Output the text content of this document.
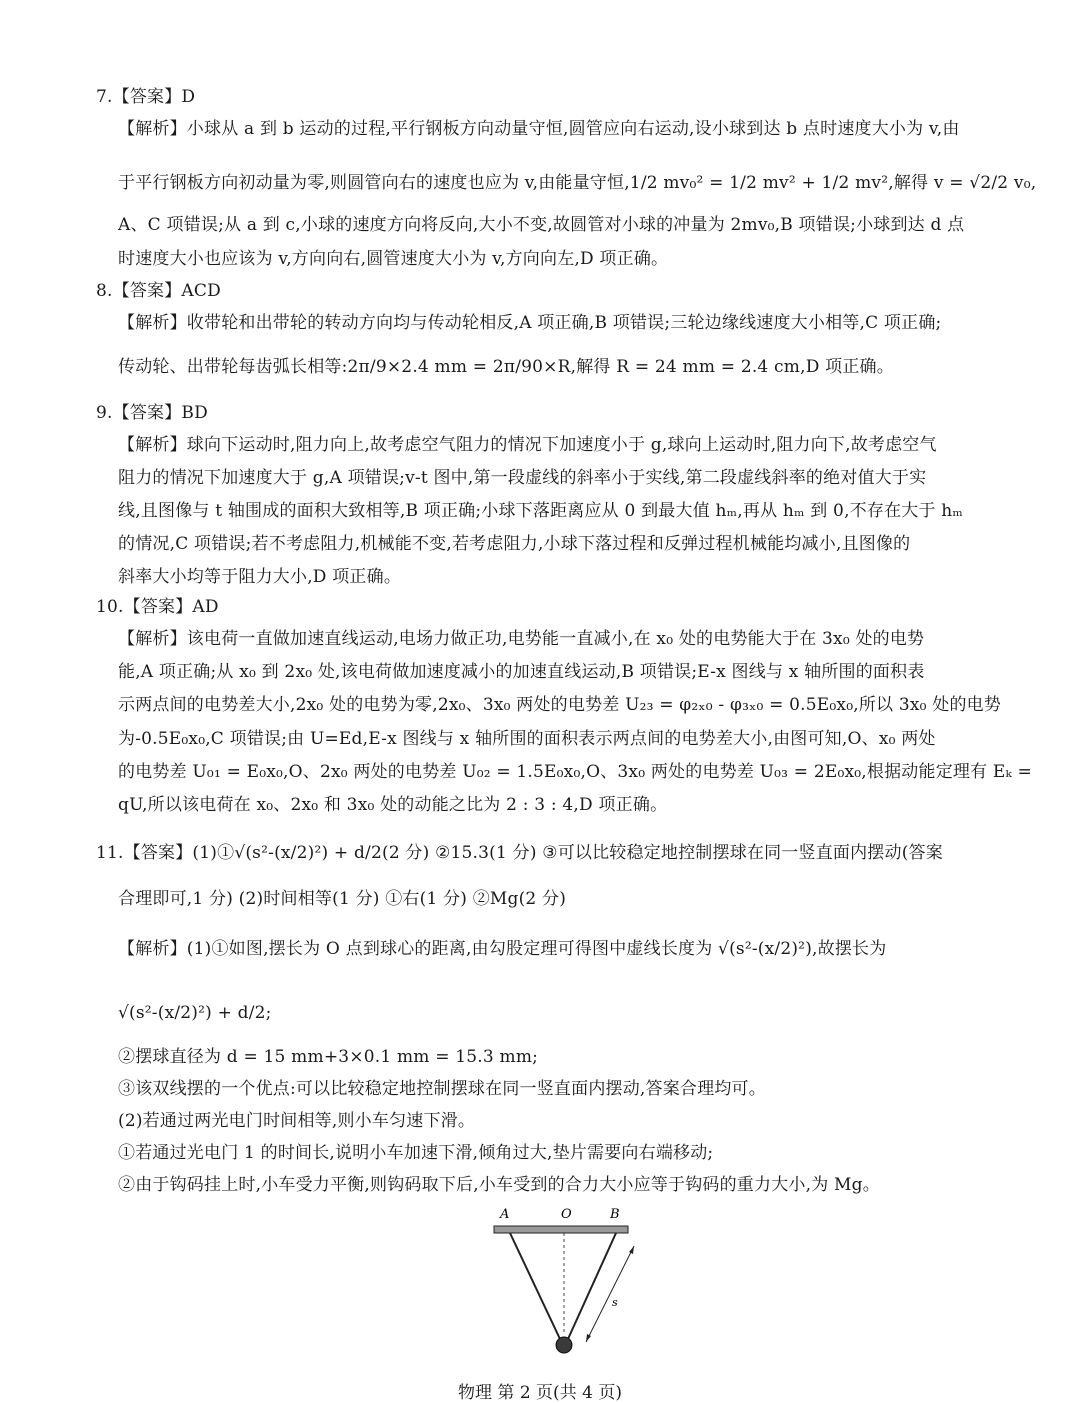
7.【答案】D
【解析】小球从 a 到 b 运动的过程,平行钢板方向动量守恒,圆管应向右运动,设小球到达 b 点时速度大小为 v,由
于平行钢板方向初动量为零,则圆管向右的速度也应为 v,由能量守恒,1/2 mv₀² = 1/2 mv² + 1/2 mv²,解得 v = √2/2 v₀,
A、C 项错误;从 a 到 c,小球的速度方向将反向,大小不变,故圆管对小球的冲量为 2mv₀,B 项错误;小球到达 d 点
时速度大小也应该为 v,方向向右,圆管速度大小为 v,方向向左,D 项正确。
8.【答案】ACD
【解析】收带轮和出带轮的转动方向均与传动轮相反,A 项正确,B 项错误;三轮边缘线速度大小相等,C 项正确;
传动轮、出带轮每齿弧长相等:2π/9×2.4 mm = 2π/90×R,解得 R = 24 mm = 2.4 cm,D 项正确。
9.【答案】BD
【解析】球向下运动时,阻力向上,故考虑空气阻力的情况下加速度小于 g,球向上运动时,阻力向下,故考虑空气
阻力的情况下加速度大于 g,A 项错误;v-t 图中,第一段虚线的斜率小于实线,第二段虚线斜率的绝对值大于实
线,且图像与 t 轴围成的面积大致相等,B 项正确;小球下落距离应从 0 到最大值 hₘ,再从 hₘ 到 0,不存在大于 hₘ
的情况,C 项错误;若不考虑阻力,机械能不变,若考虑阻力,小球下落过程和反弹过程机械能均减小,且图像的
斜率大小均等于阻力大小,D 项正确。
10.【答案】AD
【解析】该电荷一直做加速直线运动,电场力做正功,电势能一直减小,在 x₀ 处的电势能大于在 3x₀ 处的电势
能,A 项正确;从 x₀ 到 2x₀ 处,该电荷做加速度减小的加速直线运动,B 项错误;E-x 图线与 x 轴所围的面积表
示两点间的电势差大小,2x₀ 处的电势为零,2x₀、3x₀ 两处的电势差 U₂₃ = φ₂ₓ₀ - φ₃ₓ₀ = 0.5E₀x₀,所以 3x₀ 处的电势
为-0.5E₀x₀,C 项错误;由 U=Ed,E-x 图线与 x 轴所围的面积表示两点间的电势差大小,由图可知,O、x₀ 两处
的电势差 U₀₁ = E₀x₀,O、2x₀ 两处的电势差 U₀₂ = 1.5E₀x₀,O、3x₀ 两处的电势差 U₀₃ = 2E₀x₀,根据动能定理有 Eₖ =
qU,所以该电荷在 x₀、2x₀ 和 3x₀ 处的动能之比为 2 : 3 : 4,D 项正确。
11.【答案】(1)①√(s²-(x/2)²) + d/2(2 分) ②15.3(1 分) ③可以比较稳定地控制摆球在同一竖直面内摆动(答案
合理即可,1 分) (2)时间相等(1 分) ①右(1 分) ②Mg(2 分)
【解析】(1)①如图,摆长为 O 点到球心的距离,由勾股定理可得图中虚线长度为 √(s²-(x/2)²),故摆长为
√(s²-(x/2)²) + d/2;
②摆球直径为 d = 15 mm+3×0.1 mm = 15.3 mm;
③该双线摆的一个优点:可以比较稳定地控制摆球在同一竖直面内摆动,答案合理均可。
(2)若通过两光电门时间相等,则小车匀速下滑。
①若通过光电门 1 的时间长,说明小车加速下滑,倾角过大,垫片需要向右端移动;
②由于钩码挂上时,小车受力平衡,则钩码取下后,小车受到的合力大小应等于钩码的重力大小,为 Mg。
A	O	B
s
物理 第 2 页(共 4 页)
